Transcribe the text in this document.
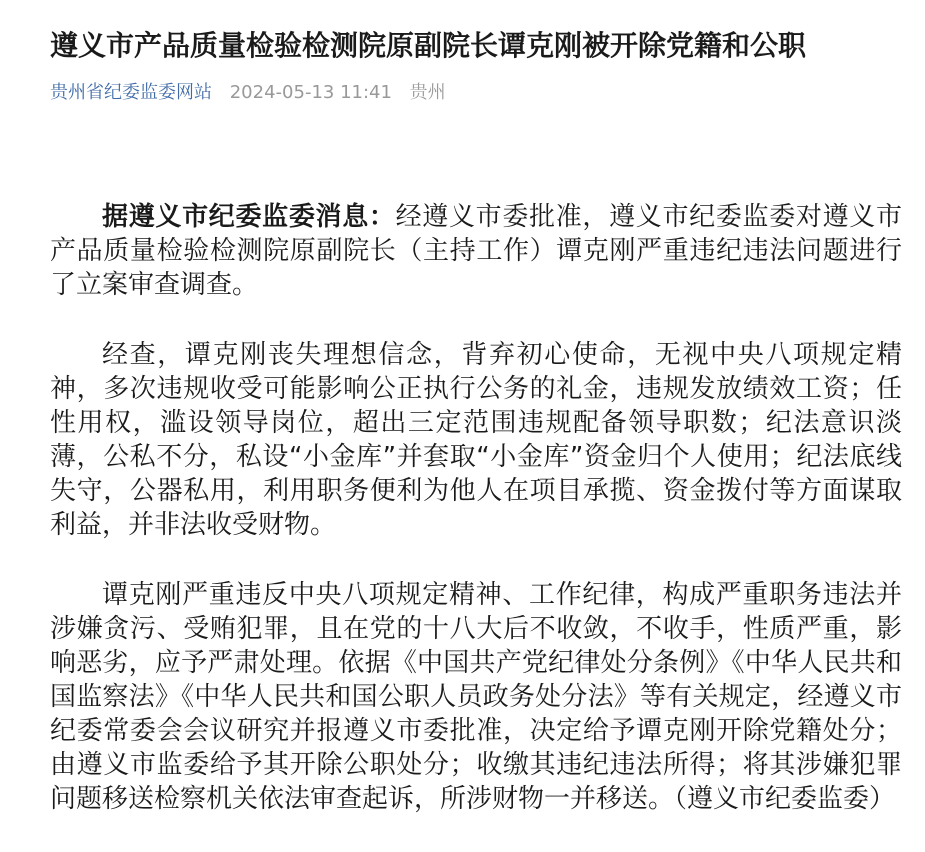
遵义市产品质量检验检测院原副院长谭克刚被开除党籍和公职
贵州省纪委监委网站 2024-05-13 11:41 贵州

据遵义市纪委监委消息：经遵义市委批准，遵义市纪委监委对遵义市产品质量检验检测院原副院长（主持工作）谭克刚严重违纪违法问题进行了立案审查调查。

经查，谭克刚丧失理想信念，背弃初心使命，无视中央八项规定精神，多次违规收受可能影响公正执行公务的礼金，违规发放绩效工资；任性用权，滥设领导岗位，超出三定范围违规配备领导职数；纪法意识淡薄，公私不分，私设“小金库”并套取“小金库”资金归个人使用；纪法底线失守，公器私用，利用职务便利为他人在项目承揽、资金拨付等方面谋取利益，并非法收受财物。

谭克刚严重违反中央八项规定精神、工作纪律，构成严重职务违法并涉嫌贪污、受贿犯罪，且在党的十八大后不收敛，不收手，性质严重，影响恶劣，应予严肃处理。依据《中国共产党纪律处分条例》《中华人民共和国监察法》《中华人民共和国公职人员政务处分法》等有关规定，经遵义市纪委常委会会议研究并报遵义市委批准，决定给予谭克刚开除党籍处分；由遵义市监委给予其开除公职处分；收缴其违纪违法所得；将其涉嫌犯罪问题移送检察机关依法审查起诉，所涉财物一并移送。（遵义市纪委监委）
